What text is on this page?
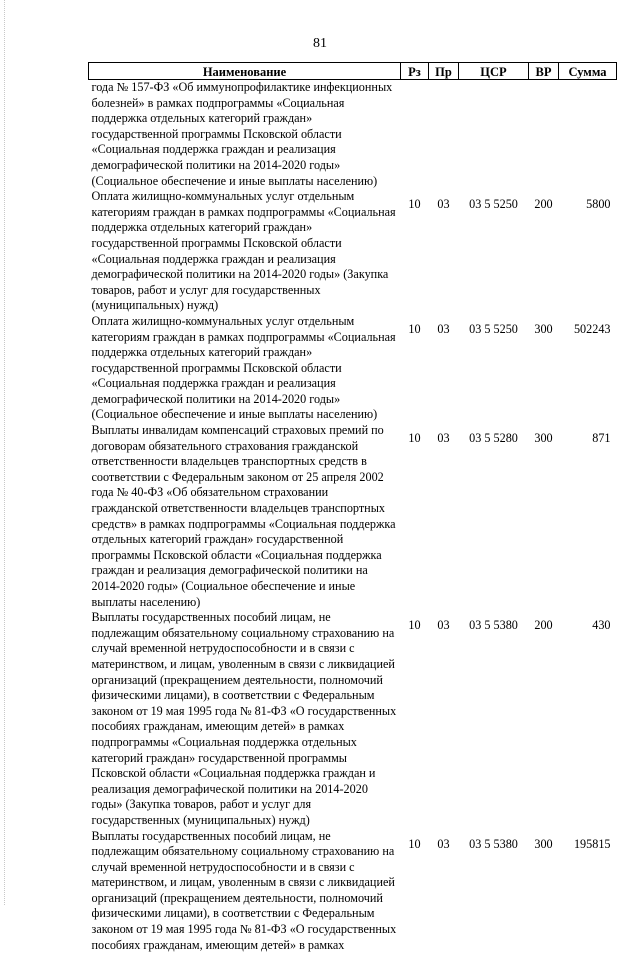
81
Наименование	Рз	Пр	ЦСР	ВР	Сумма
года № 157-ФЗ «Об иммунопрофилактике инфекционных болезней» в рамках подпрограммы «Социальная поддержка отдельных категорий граждан» государственной программы Псковской области «Социальная поддержка граждан и реализация демографической политики на 2014-2020 годы» (Социальное обеспечение и иные выплаты населению)					
Оплата жилищно-коммунальных услуг отдельным категориям граждан в рамках подпрограммы «Социальная поддержка отдельных категорий граждан» государственной программы Псковской области «Социальная поддержка граждан и реализация демографической политики на 2014-2020 годы» (Закупка товаров, работ и услуг для государственных (муниципальных) нужд)	10	03	03 5 5250	200	5800
Оплата жилищно-коммунальных услуг отдельным категориям граждан в рамках подпрограммы «Социальная поддержка отдельных категорий граждан» государственной программы Псковской области «Социальная поддержка граждан и реализация демографической политики на 2014-2020 годы» (Социальное обеспечение и иные выплаты населению)	10	03	03 5 5250	300	502243
Выплаты инвалидам компенсаций страховых премий по договорам обязательного страхования гражданской ответственности владельцев транспортных средств в соответствии с Федеральным законом от 25 апреля 2002 года № 40-ФЗ «Об обязательном страховании гражданской ответственности владельцев транспортных средств» в рамках подпрограммы «Социальная поддержка отдельных категорий граждан» государственной программы Псковской области «Социальная поддержка граждан и реализация демографической политики на 2014-2020 годы» (Социальное обеспечение и иные выплаты населению)	10	03	03 5 5280	300	871
Выплаты государственных пособий лицам, не подлежащим обязательному социальному страхованию на случай временной нетрудоспособности и в связи с материнством, и лицам, уволенным в связи с ликвидацией организаций (прекращением деятельности, полномочий физическими лицами), в соответствии с Федеральным законом от 19 мая 1995 года № 81-ФЗ «О государственных пособиях гражданам, имеющим детей» в рамках подпрограммы «Социальная поддержка отдельных категорий граждан» государственной программы Псковской области «Социальная поддержка граждан и реализация демографической политики на 2014-2020 годы» (Закупка товаров, работ и услуг для государственных (муниципальных) нужд)	10	03	03 5 5380	200	430
Выплаты государственных пособий лицам, не подлежащим обязательному социальному страхованию на случай временной нетрудоспособности и в связи с материнством, и лицам, уволенным в связи с ликвидацией организаций (прекращением деятельности, полномочий физическими лицами), в соответствии с Федеральным законом от 19 мая 1995 года № 81-ФЗ «О государственных пособиях гражданам, имеющим детей» в рамках	10	03	03 5 5380	300	195815
